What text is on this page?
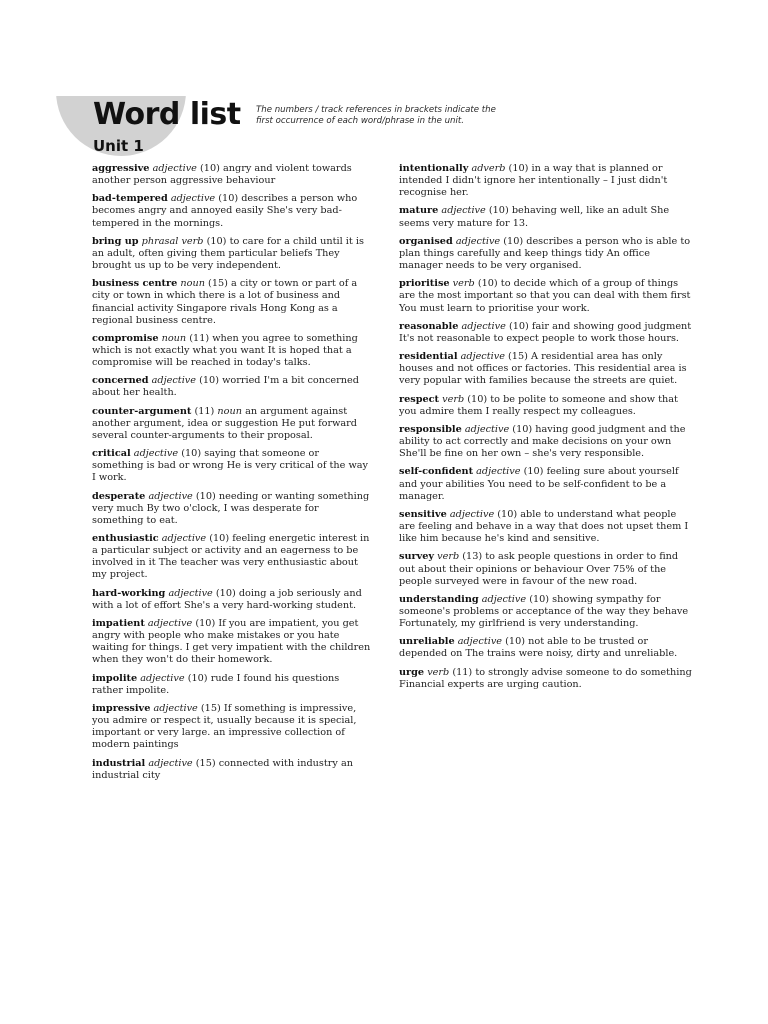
Word list The numbers / track references in brackets indicate the first occurrence of each word/phrase in the unit.
Unit 1

aggressive adjective (10) angry and violent towards another person aggressive behaviour

bad-tempered adjective (10) describes a person who becomes angry and annoyed easily She's very bad-tempered in the mornings.

bring up phrasal verb (10) to care for a child until it is an adult, often giving them particular beliefs They brought us up to be very independent.

business centre noun (15) a city or town or part of a city or town in which there is a lot of business and financial activity Singapore rivals Hong Kong as a regional business centre.

compromise noun (11) when you agree to something which is not exactly what you want It is hoped that a compromise will be reached in today's talks.

concerned adjective (10) worried I'm a bit concerned about her health.

counter-argument (11) noun an argument against another argument, idea or suggestion He put forward several counter-arguments to their proposal.

critical adjective (10) saying that someone or something is bad or wrong He is very critical of the way I work.

desperate adjective (10) needing or wanting something very much By two o'clock, I was desperate for something to eat.

enthusiastic adjective (10) feeling energetic interest in a particular subject or activity and an eagerness to be involved in it The teacher was very enthusiastic about my project.

hard-working adjective (10) doing a job seriously and with a lot of effort She's a very hard-working student.

impatient adjective (10) If you are impatient, you get angry with people who make mistakes or you hate waiting for things. I get very impatient with the children when they won't do their homework.

impolite adjective (10) rude I found his questions rather impolite.

impressive adjective (15) If something is impressive, you admire or respect it, usually because it is special, important or very large. an impressive collection of modern paintings

industrial adjective (15) connected with industry an industrial city

intentionally adverb (10) in a way that is planned or intended I didn't ignore her intentionally – I just didn't recognise her.

mature adjective (10) behaving well, like an adult She seems very mature for 13.

organised adjective (10) describes a person who is able to plan things carefully and keep things tidy An office manager needs to be very organised.

prioritise verb (10) to decide which of a group of things are the most important so that you can deal with them first You must learn to prioritise your work.

reasonable adjective (10) fair and showing good judgment It's not reasonable to expect people to work those hours.

residential adjective (15) A residential area has only houses and not offices or factories. This residential area is very popular with families because the streets are quiet.

respect verb (10) to be polite to someone and show that you admire them I really respect my colleagues.

responsible adjective (10) having good judgment and the ability to act correctly and make decisions on your own She'll be fine on her own – she's very responsible.

self-confident adjective (10) feeling sure about yourself and your abilities You need to be self-confident to be a manager.

sensitive adjective (10) able to understand what people are feeling and behave in a way that does not upset them I like him because he's kind and sensitive.

survey verb (13) to ask people questions in order to find out about their opinions or behaviour Over 75% of the people surveyed were in favour of the new road.

understanding adjective (10) showing sympathy for someone's problems or acceptance of the way they behave Fortunately, my girlfriend is very understanding.

unreliable adjective (10) not able to be trusted or depended on The trains were noisy, dirty and unreliable.

urge verb (11) to strongly advise someone to do something Financial experts are urging caution.
